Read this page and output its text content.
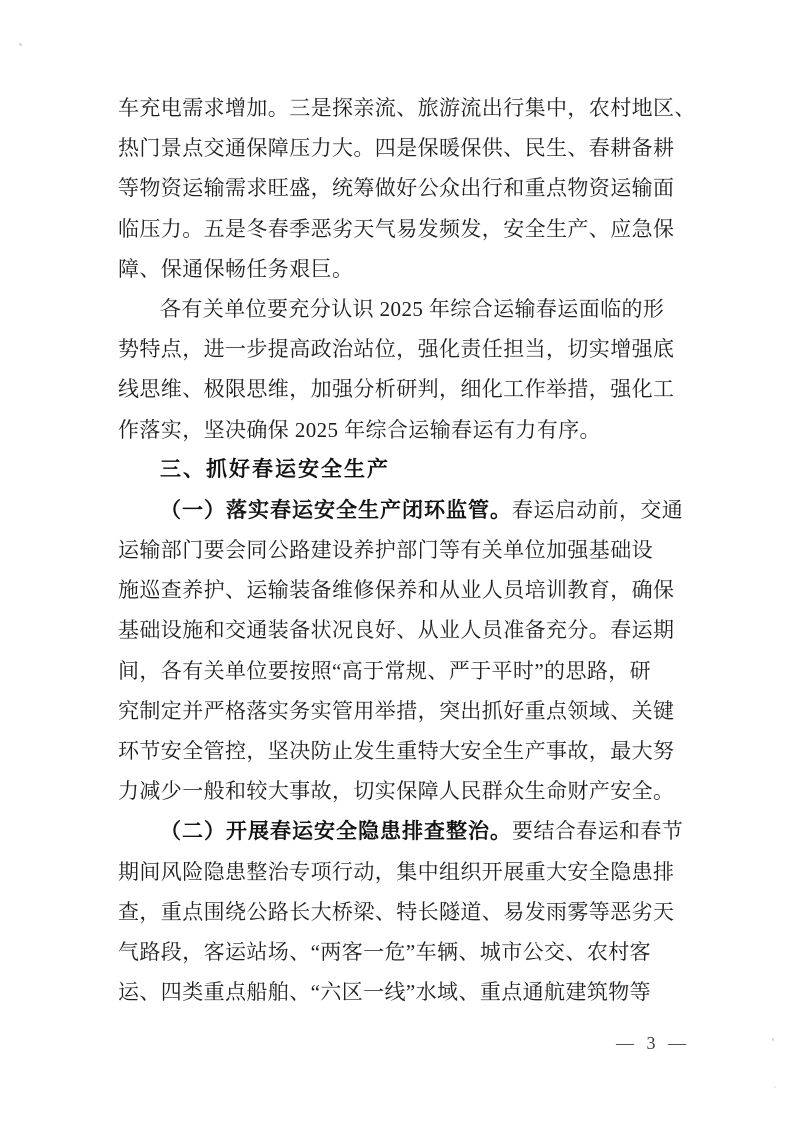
车充电需求增加。三是探亲流、旅游流出行集中，农村地区、
热门景点交通保障压力大。四是保暖保供、民生、春耕备耕
等物资运输需求旺盛，统筹做好公众出行和重点物资运输面
临压力。五是冬春季恶劣天气易发频发，安全生产、应急保
障、保通保畅任务艰巨。
各有关单位要充分认识 2025 年综合运输春运面临的形
势特点，进一步提高政治站位，强化责任担当，切实增强底
线思维、极限思维，加强分析研判，细化工作举措，强化工
作落实，坚决确保 2025 年综合运输春运有力有序。
三、抓好春运安全生产
（一）落实春运安全生产闭环监管。春运启动前，交通
运输部门要会同公路建设养护部门等有关单位加强基础设
施巡查养护、运输装备维修保养和从业人员培训教育，确保
基础设施和交通装备状况良好、从业人员准备充分。春运期
间，各有关单位要按照“高于常规、严于平时”的思路，研
究制定并严格落实务实管用举措，突出抓好重点领域、关键
环节安全管控，坚决防止发生重特大安全生产事故，最大努
力减少一般和较大事故，切实保障人民群众生命财产安全。
（二）开展春运安全隐患排查整治。要结合春运和春节
期间风险隐患整治专项行动，集中组织开展重大安全隐患排
查，重点围绕公路长大桥梁、特长隧道、易发雨雾等恶劣天
气路段，客运站场、“两客一危”车辆、城市公交、农村客
运、四类重点船舶、“六区一线”水域、重点通航建筑物等
— 3 —
